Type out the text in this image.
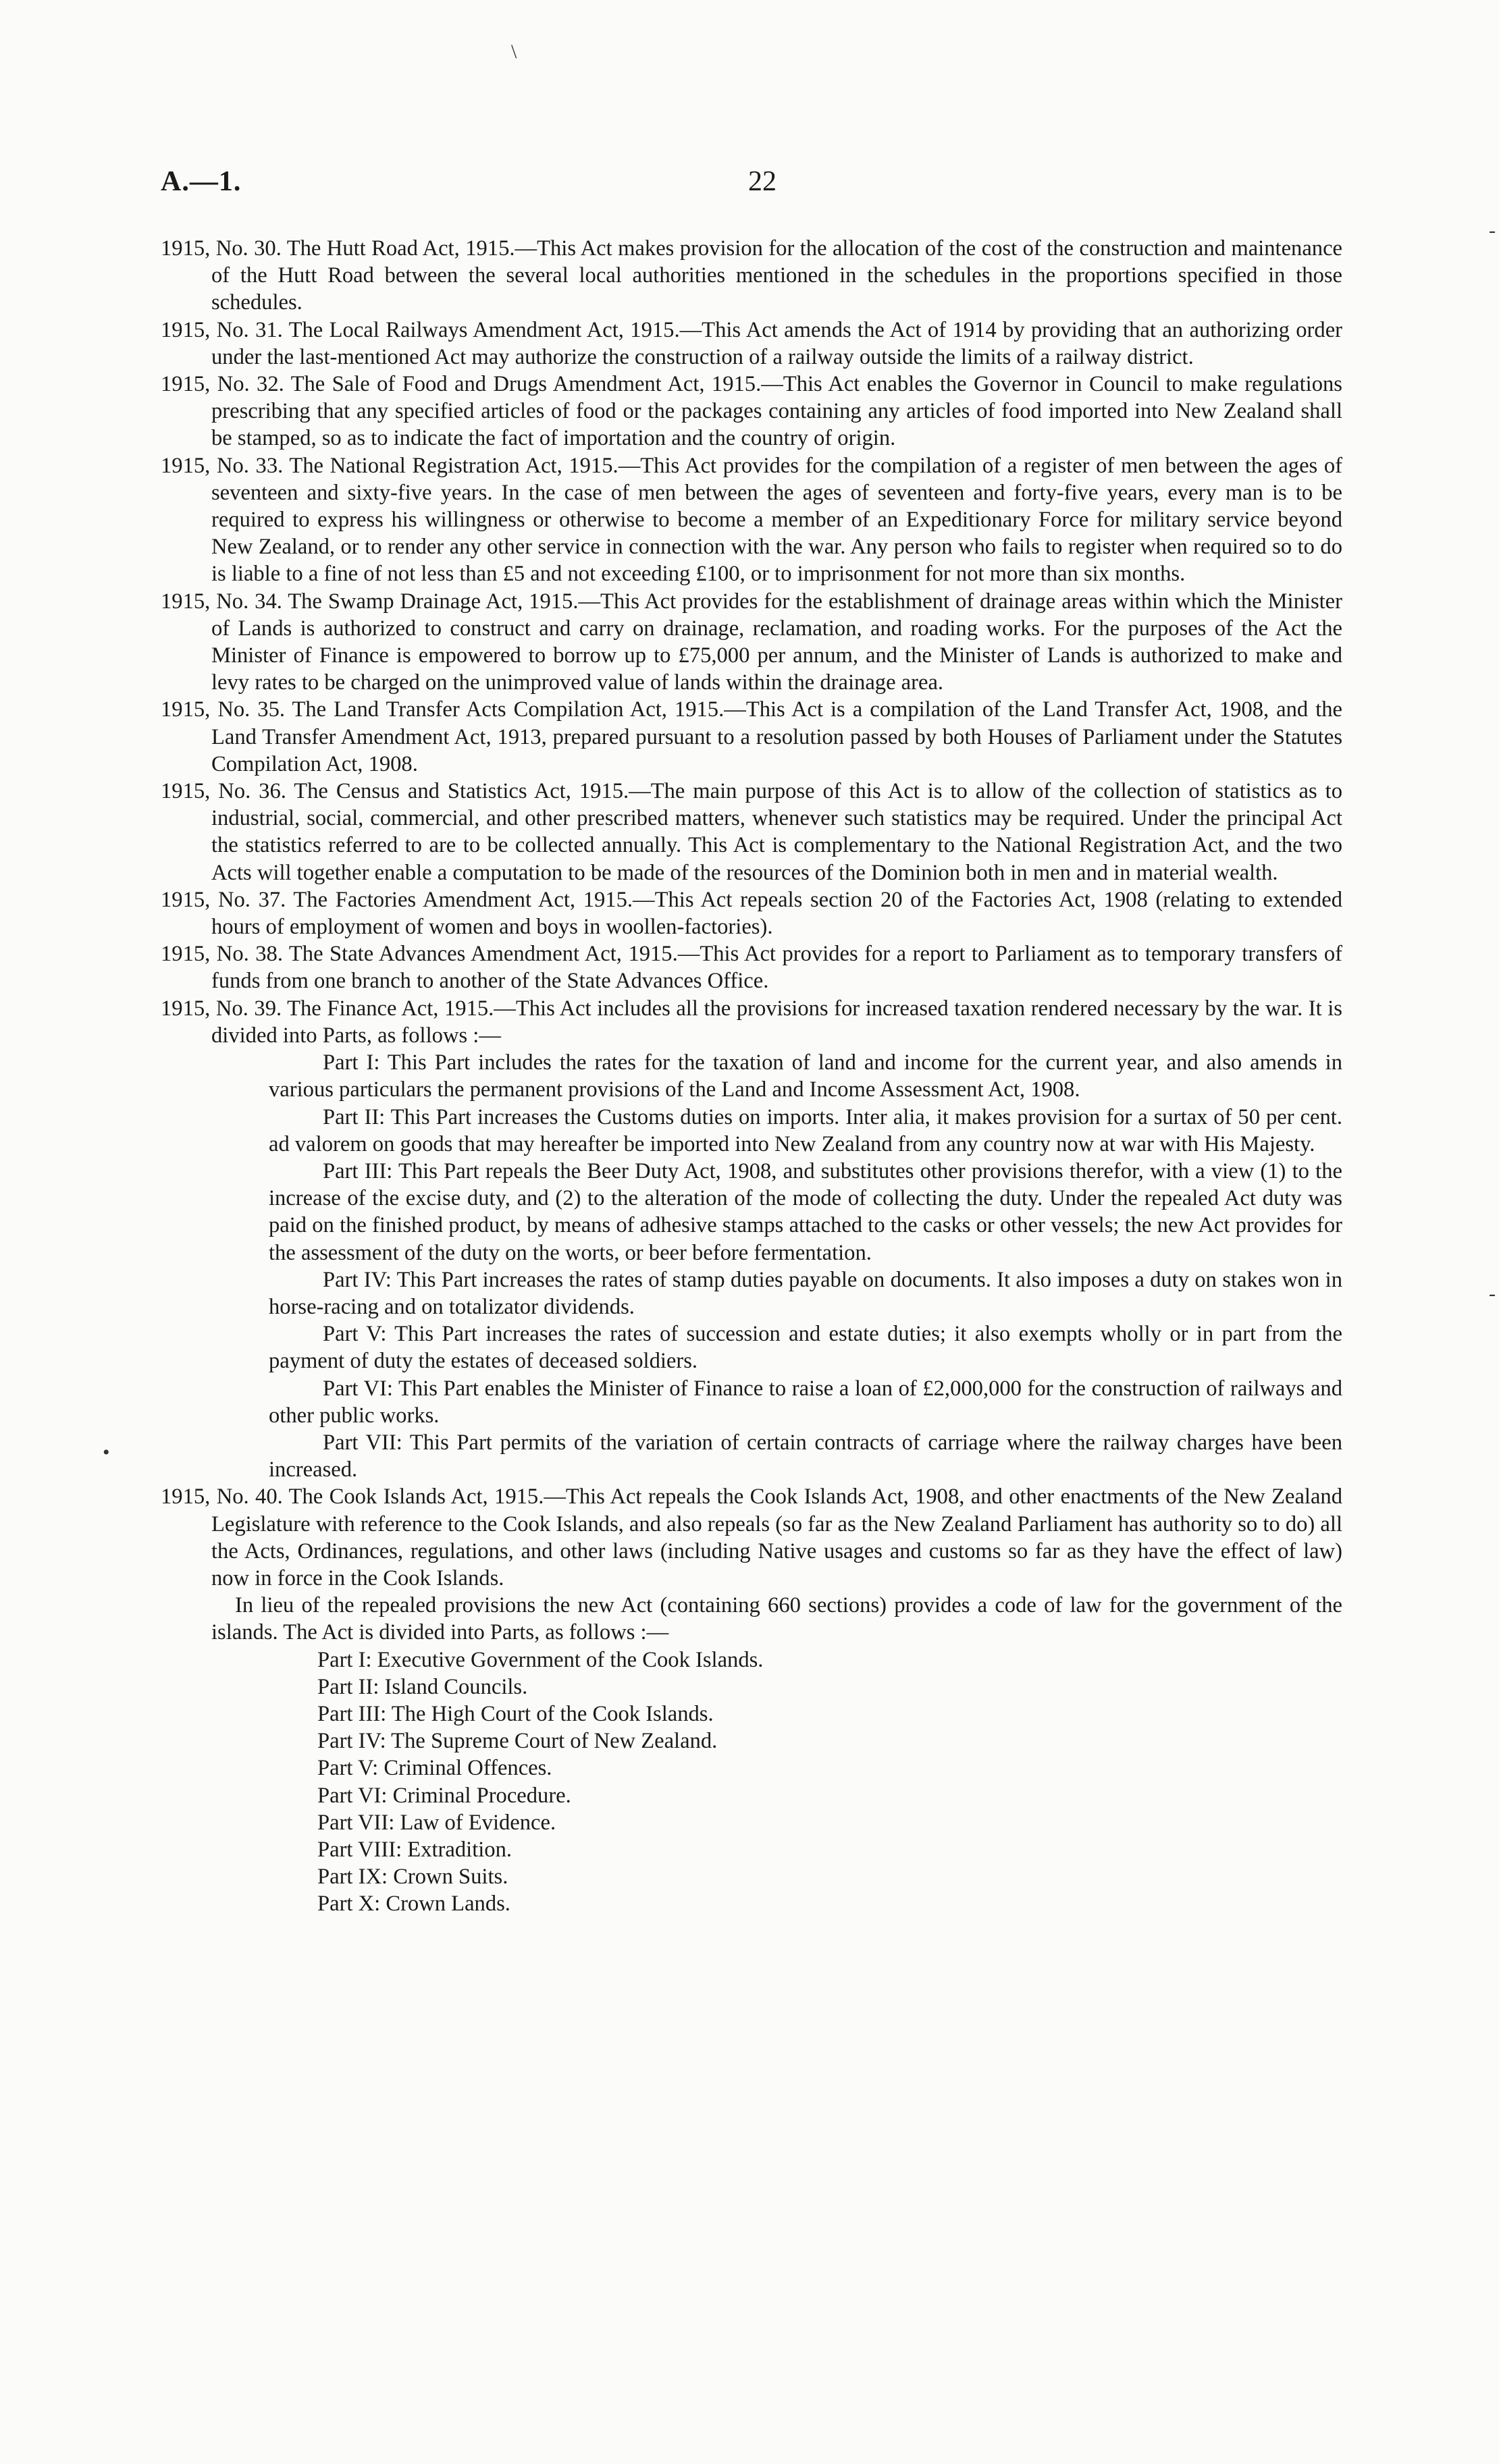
\
•
-
-
A.—1.	22

1915, No. 30. The Hutt Road Act, 1915.—This Act makes provision for the allocation of the cost of the construction and maintenance of the Hutt Road between the several local authorities mentioned in the schedules in the proportions specified in those schedules.

1915, No. 31. The Local Railways Amendment Act, 1915.—This Act amends the Act of 1914 by providing that an authorizing order under the last-mentioned Act may authorize the construction of a railway outside the limits of a railway district.

1915, No. 32. The Sale of Food and Drugs Amendment Act, 1915.—This Act enables the Governor in Council to make regulations prescribing that any specified articles of food or the packages containing any articles of food imported into New Zealand shall be stamped, so as to indicate the fact of importation and the country of origin.

1915, No. 33. The National Registration Act, 1915.—This Act provides for the compilation of a register of men between the ages of seventeen and sixty-five years. In the case of men between the ages of seventeen and forty-five years, every man is to be required to express his willingness or otherwise to become a member of an Expeditionary Force for military service beyond New Zealand, or to render any other service in connection with the war. Any person who fails to register when required so to do is liable to a fine of not less than £5 and not exceeding £100, or to imprisonment for not more than six months.

1915, No. 34. The Swamp Drainage Act, 1915.—This Act provides for the establishment of drainage areas within which the Minister of Lands is authorized to construct and carry on drainage, reclamation, and roading works. For the purposes of the Act the Minister of Finance is empowered to borrow up to £75,000 per annum, and the Minister of Lands is authorized to make and levy rates to be charged on the unimproved value of lands within the drainage area.

1915, No. 35. The Land Transfer Acts Compilation Act, 1915.—This Act is a compilation of the Land Transfer Act, 1908, and the Land Transfer Amendment Act, 1913, prepared pursuant to a resolution passed by both Houses of Parliament under the Statutes Compilation Act, 1908.

1915, No. 36. The Census and Statistics Act, 1915.—The main purpose of this Act is to allow of the collection of statistics as to industrial, social, commercial, and other prescribed matters, whenever such statistics may be required. Under the principal Act the statistics referred to are to be collected annually. This Act is complementary to the National Registration Act, and the two Acts will together enable a computation to be made of the resources of the Dominion both in men and in material wealth.

1915, No. 37. The Factories Amendment Act, 1915.—This Act repeals section 20 of the Factories Act, 1908 (relating to extended hours of employment of women and boys in woollen-factories).

1915, No. 38. The State Advances Amendment Act, 1915.—This Act provides for a report to Parliament as to temporary transfers of funds from one branch to another of the State Advances Office.

1915, No. 39. The Finance Act, 1915.—This Act includes all the provisions for increased taxation rendered necessary by the war. It is divided into Parts, as follows :—

Part I: This Part includes the rates for the taxation of land and income for the current year, and also amends in various particulars the permanent provisions of the Land and Income Assessment Act, 1908.

Part II: This Part increases the Customs duties on imports. Inter alia, it makes provision for a surtax of 50 per cent. ad valorem on goods that may hereafter be imported into New Zealand from any country now at war with His Majesty.

Part III: This Part repeals the Beer Duty Act, 1908, and substitutes other provisions therefor, with a view (1) to the increase of the excise duty, and (2) to the alteration of the mode of collecting the duty. Under the repealed Act duty was paid on the finished product, by means of adhesive stamps attached to the casks or other vessels; the new Act provides for the assessment of the duty on the worts, or beer before fermentation.

Part IV: This Part increases the rates of stamp duties payable on documents. It also imposes a duty on stakes won in horse-racing and on totalizator dividends.

Part V: This Part increases the rates of succession and estate duties; it also exempts wholly or in part from the payment of duty the estates of deceased soldiers.

Part VI: This Part enables the Minister of Finance to raise a loan of £2,000,000 for the construction of railways and other public works.

Part VII: This Part permits of the variation of certain contracts of carriage where the railway charges have been increased.

1915, No. 40. The Cook Islands Act, 1915.—This Act repeals the Cook Islands Act, 1908, and other enactments of the New Zealand Legislature with reference to the Cook Islands, and also repeals (so far as the New Zealand Parliament has authority so to do) all the Acts, Ordinances, regulations, and other laws (including Native usages and customs so far as they have the effect of law) now in force in the Cook Islands.

In lieu of the repealed provisions the new Act (containing 660 sections) provides a code of law for the government of the islands. The Act is divided into Parts, as follows :—

Part I: Executive Government of the Cook Islands.
Part II: Island Councils.
Part III: The High Court of the Cook Islands.
Part IV: The Supreme Court of New Zealand.
Part V: Criminal Offences.
Part VI: Criminal Procedure.
Part VII: Law of Evidence.
Part VIII: Extradition.
Part IX: Crown Suits.
Part X: Crown Lands.
